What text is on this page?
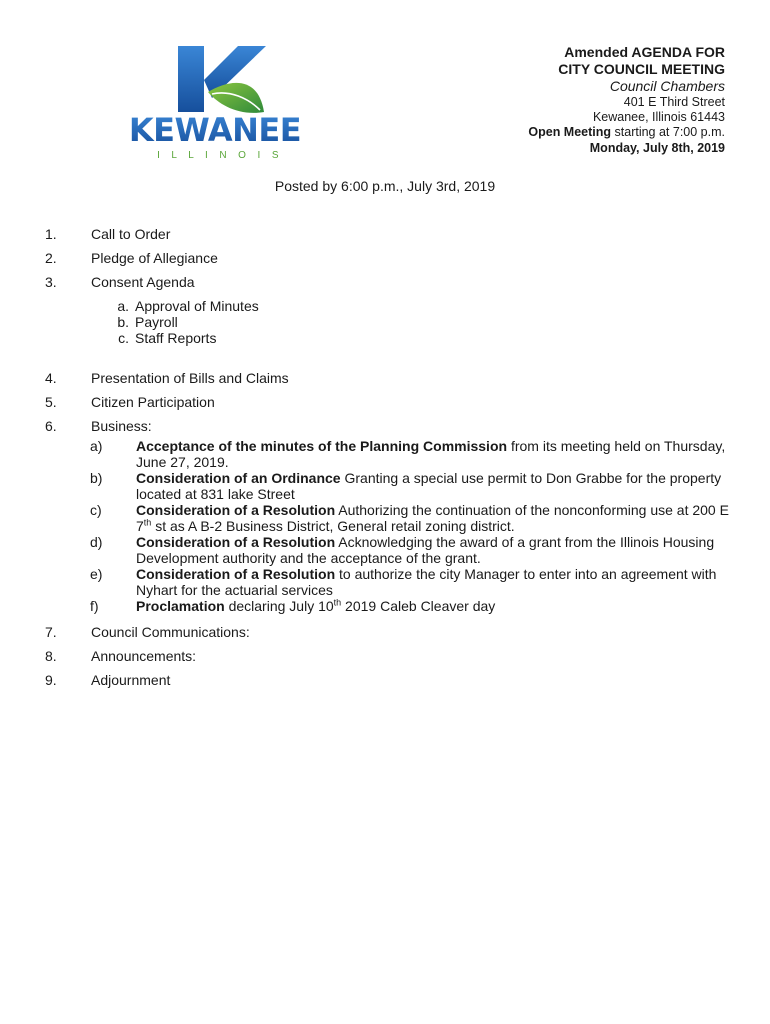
KEWANEE
I L L I N O I S
Amended AGENDA FOR
CITY COUNCIL MEETING
Council Chambers
401 E Third Street
Kewanee, Illinois 61443
Open Meeting starting at 7:00 p.m.
Monday, July 8th, 2019
Posted by 6:00 p.m., July 3rd, 2019
1. Call to Order
2. Pledge of Allegiance
3. Consent Agenda
a. Approval of Minutes
b. Payroll
c. Staff Reports
4. Presentation of Bills and Claims
5. Citizen Participation
6. Business:
a) Acceptance of the minutes of the Planning Commission from its meeting held on Thursday,
June 27, 2019.
b) Consideration of an Ordinance Granting a special use permit to Don Grabbe for the property
located at 831 lake Street
c) Consideration of a Resolution Authorizing the continuation of the nonconforming use at 200 E
7th st as A B-2 Business District, General retail zoning district.
d) Consideration of a Resolution Acknowledging the award of a grant from the Illinois Housing
Development authority and the acceptance of the grant.
e) Consideration of a Resolution to authorize the city Manager to enter into an agreement with
Nyhart for the actuarial services
f)	Proclamation declaring July 10th 2019 Caleb Cleaver day
7. Council Communications:
8. Announcements:
9. Adjournment
